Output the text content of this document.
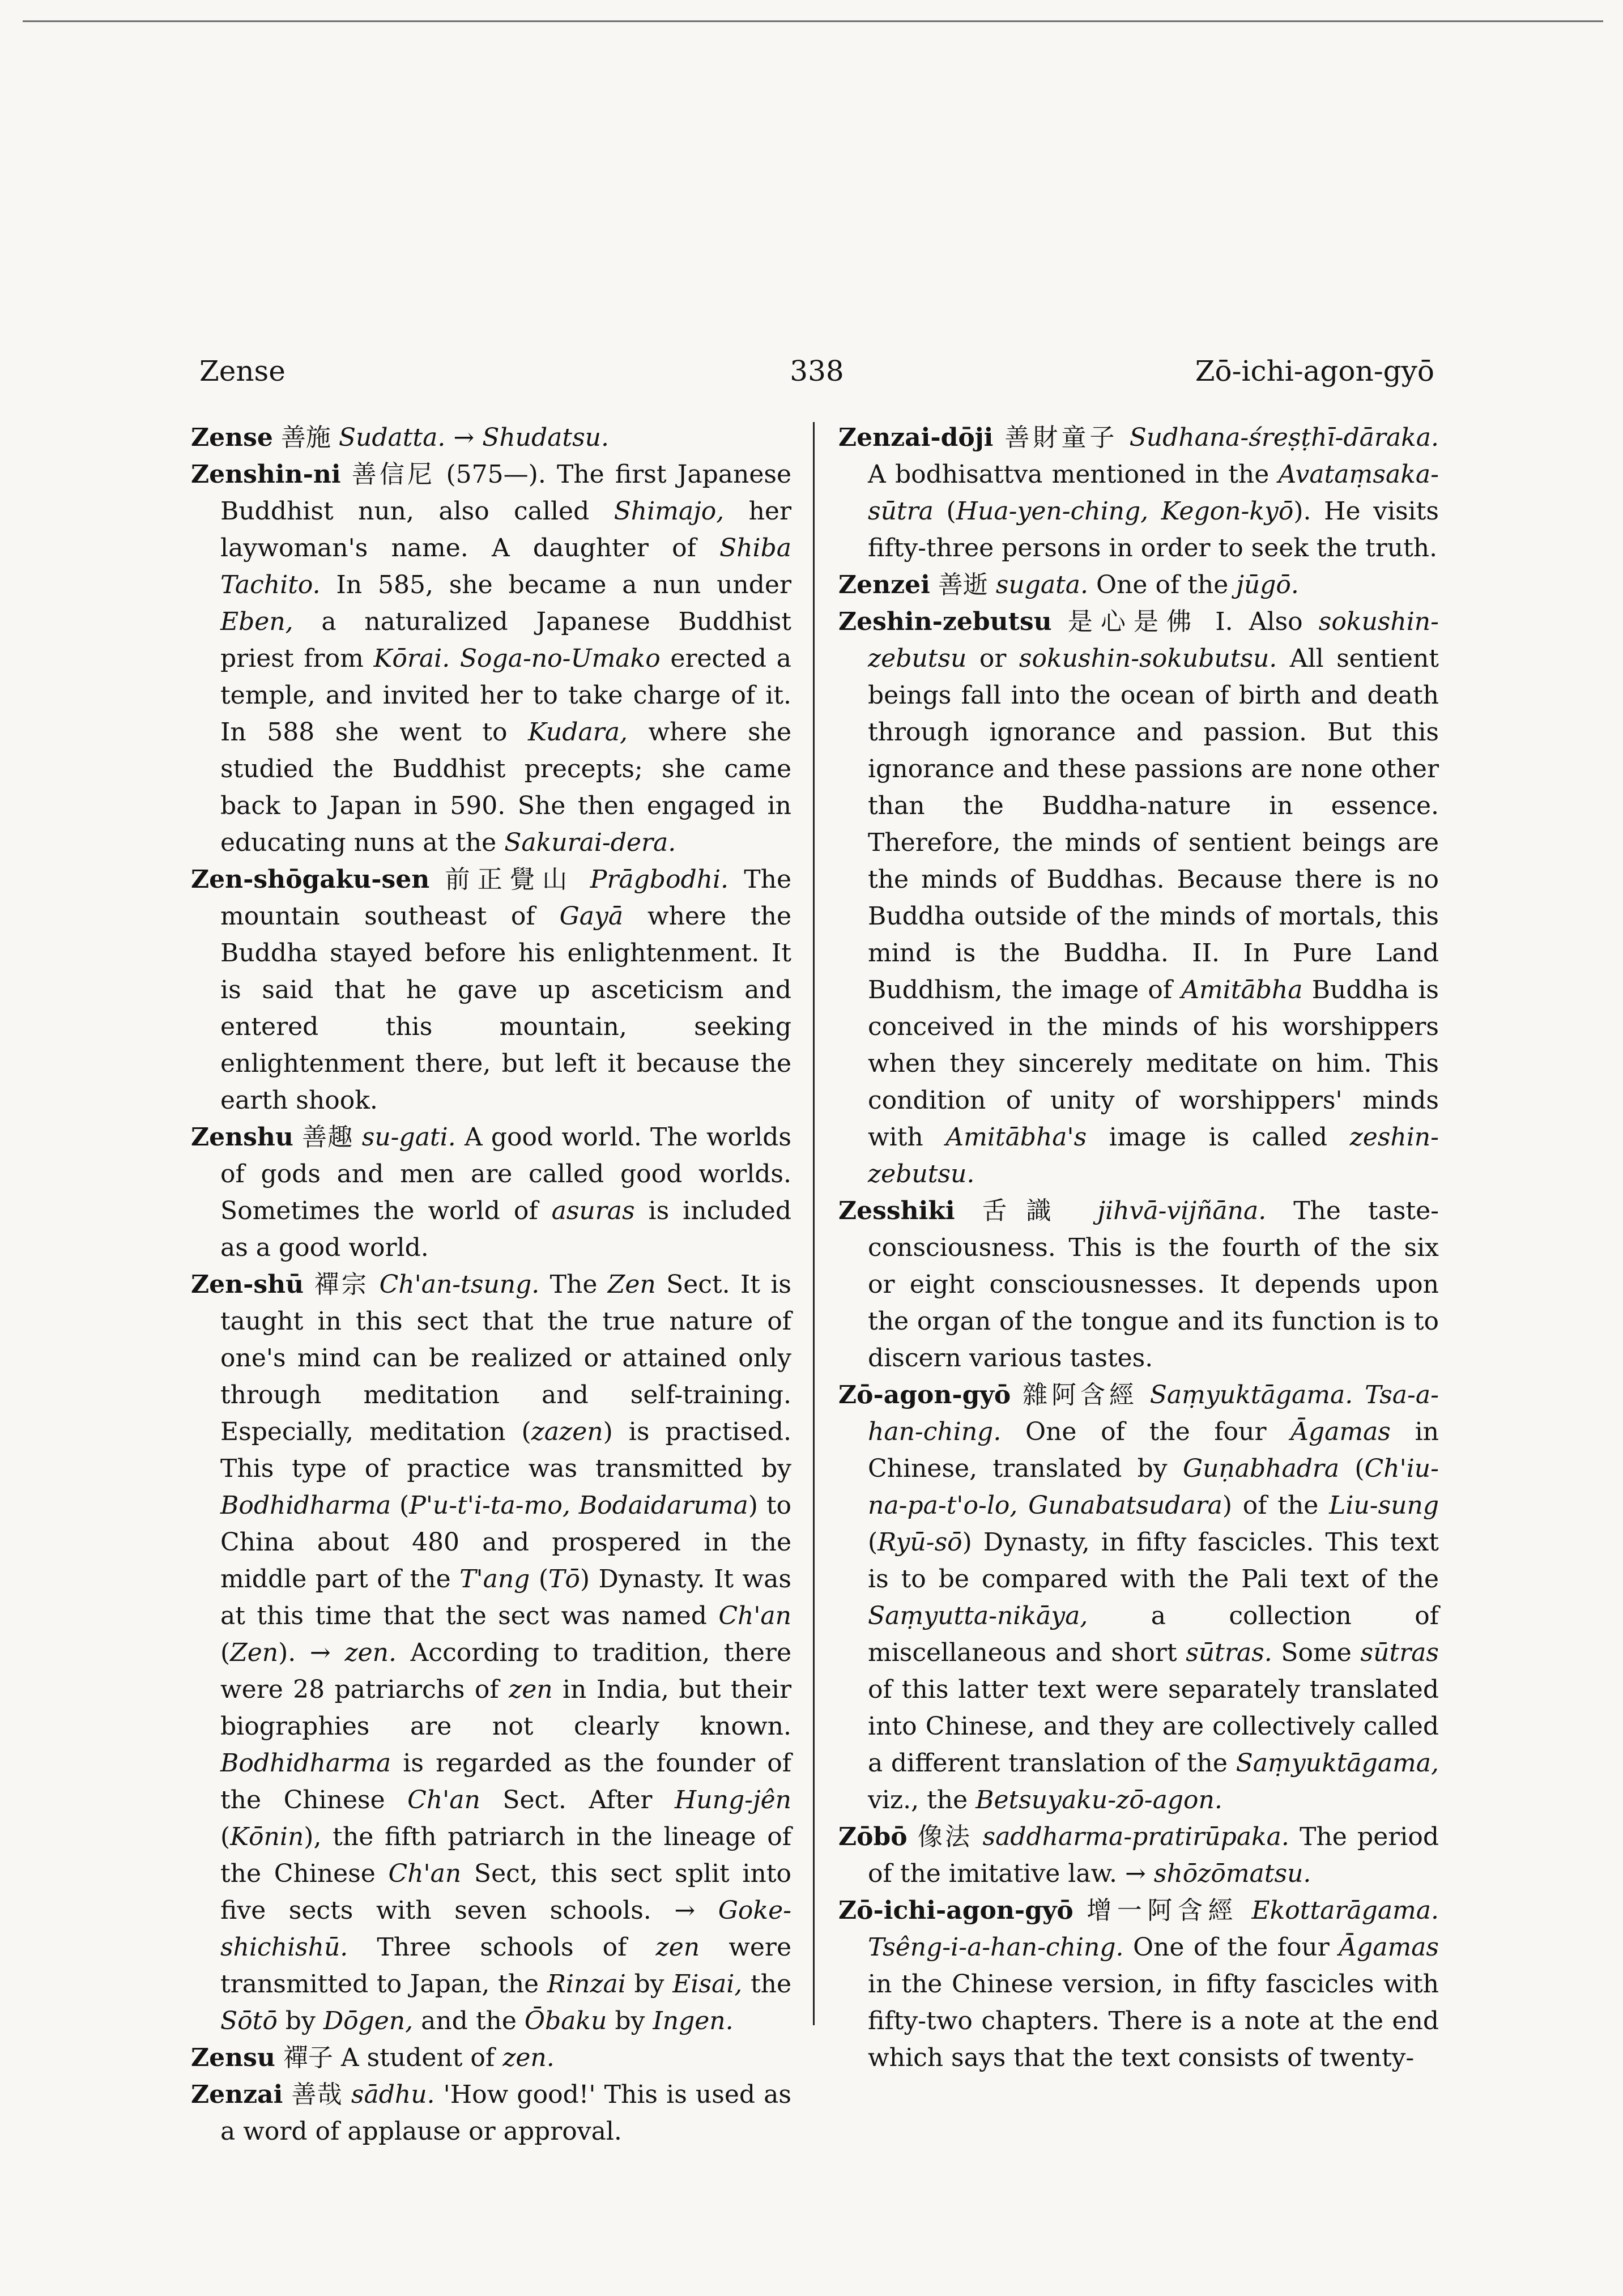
Zense	338	Zō-ichi-agon-gyō

Zense 善施 Sudatta. → Shudatsu.

Zenshin-ni 善信尼 (575—). The first Japanese Buddhist nun, also called Shimajo, her laywoman's name. A daughter of Shiba Tachito. In 585, she became a nun under Eben, a naturalized Japanese Buddhist priest from Kōrai. Soga-no-Umako erected a temple, and invited her to take charge of it. In 588 she went to Kudara, where she studied the Buddhist precepts; she came back to Japan in 590. She then engaged in educating nuns at the Sakurai-dera.

Zen-shōgaku-sen 前正覺山 Prāgbodhi. The mountain southeast of Gayā where the Buddha stayed before his enlightenment. It is said that he gave up asceticism and entered this mountain, seeking enlightenment there, but left it because the earth shook.

Zenshu 善趣 su-gati. A good world. The worlds of gods and men are called good worlds. Sometimes the world of asuras is included as a good world.

Zen-shū 禪宗 Ch'an-tsung. The Zen Sect. It is taught in this sect that the true nature of one's mind can be realized or attained only through meditation and self-training. Especially, meditation (zazen) is practised. This type of practice was transmitted by Bodhidharma (P'u-t'i-ta-mo, Bodaidaruma) to China about 480 and prospered in the middle part of the T'ang (Tō) Dynasty. It was at this time that the sect was named Ch'an (Zen). → zen. According to tradition, there were 28 patriarchs of zen in India, but their biographies are not clearly known. Bodhidharma is regarded as the founder of the Chinese Ch'an Sect. After Hung-jên (Kōnin), the fifth patriarch in the lineage of the Chinese Ch'an Sect, this sect split into five sects with seven schools. → Goke-shichishū. Three schools of zen were transmitted to Japan, the Rinzai by Eisai, the Sōtō by Dōgen, and the Ōbaku by Ingen.

Zensu 禪子 A student of zen.

Zenzai 善哉 sādhu. 'How good!' This is used as a word of applause or approval.

Zenzai-dōji 善財童子 Sudhana-śreṣṭhī-dāraka. A bodhisattva mentioned in the Avataṃsaka-sūtra (Hua-yen-ching, Kegon-kyō). He visits fifty-three persons in order to seek the truth.

Zenzei 善逝 sugata. One of the jūgō.

Zeshin-zebutsu 是心是佛 I. Also sokushin-zebutsu or sokushin-sokubutsu. All sentient beings fall into the ocean of birth and death through ignorance and passion. But this ignorance and these passions are none other than the Buddha-nature in essence. Therefore, the minds of sentient beings are the minds of Buddhas. Because there is no Buddha outside of the minds of mortals, this mind is the Buddha. II. In Pure Land Buddhism, the image of Amitābha Buddha is conceived in the minds of his worshippers when they sincerely meditate on him. This condition of unity of worshippers' minds with Amitābha's image is called zeshin-zebutsu.

Zesshiki 舌識 jihvā-vijñāna. The taste-consciousness. This is the fourth of the six or eight consciousnesses. It depends upon the organ of the tongue and its function is to discern various tastes.

Zō-agon-gyō 雜阿含經 Saṃyuktāgama. Tsa-a-han-ching. One of the four Āgamas in Chinese, translated by Guṇabhadra (Ch'iu-na-pa-t'o-lo, Gunabatsudara) of the Liu-sung (Ryū-sō) Dynasty, in fifty fascicles. This text is to be compared with the Pali text of the Saṃyutta-nikāya, a collection of miscellaneous and short sūtras. Some sūtras of this latter text were separately translated into Chinese, and they are collectively called a different translation of the Saṃyuktāgama, viz., the Betsuyaku-zō-agon.

Zōbō 像法 saddharma-pratirūpaka. The period of the imitative law. → shōzōmatsu.

Zō-ichi-agon-gyō 增一阿含經 Ekottarāgama. Tsêng-i-a-han-ching. One of the four Āgamas in the Chinese version, in fifty fascicles with fifty-two chapters. There is a note at the end which says that the text consists of twenty-
